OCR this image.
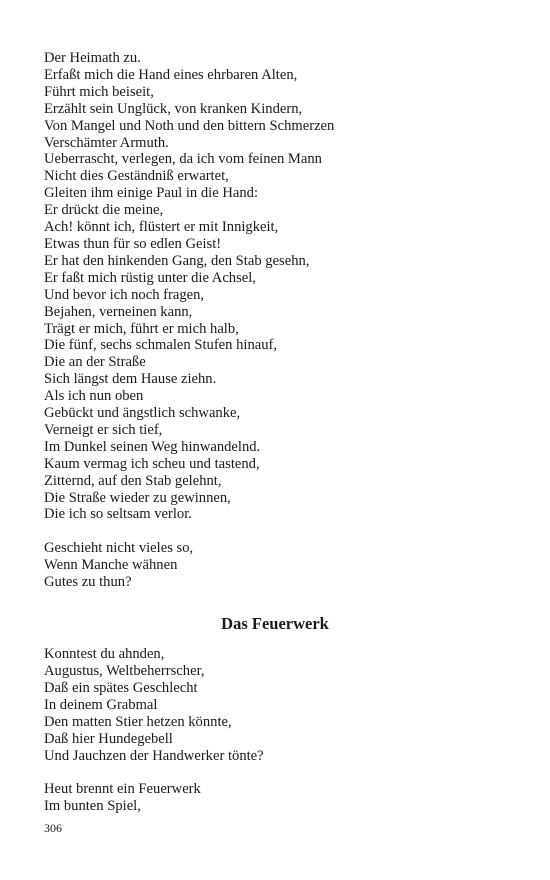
Der Heimath zu.
Erfaßt mich die Hand eines ehrbaren Alten,
Führt mich beiseit,
Erzählt sein Unglück, von kranken Kindern,
Von Mangel und Noth und den bittern Schmerzen
Verschämter Armuth.
Ueberrascht, verlegen, da ich vom feinen Mann
Nicht dies Geständniß erwartet,
Gleiten ihm einige Paul in die Hand:
Er drückt die meine,
Ach! könnt ich, flüstert er mit Innigkeit,
Etwas thun für so edlen Geist!
Er hat den hinkenden Gang, den Stab gesehn,
Er faßt mich rüstig unter die Achsel,
Und bevor ich noch fragen,
Bejahen, verneinen kann,
Trägt er mich, führt er mich halb,
Die fünf, sechs schmalen Stufen hinauf,
Die an der Straße
Sich längst dem Hause ziehn.
Als ich nun oben
Gebückt und ängstlich schwanke,
Verneigt er sich tief,
Im Dunkel seinen Weg hinwandelnd.
Kaum vermag ich scheu und tastend,
Zitternd, auf den Stab gelehnt,
Die Straße wieder zu gewinnen,
Die ich so seltsam verlor.
Geschieht nicht vieles so,
Wenn Manche wähnen
Gutes zu thun?
Das Feuerwerk
Konntest du ahnden,
Augustus, Weltbeherrscher,
Daß ein spätes Geschlecht
In deinem Grabmal
Den matten Stier hetzen könnte,
Daß hier Hundegebell
Und Jauchzen der Handwerker tönte?
Heut brennt ein Feuerwerk
Im bunten Spiel,
306
